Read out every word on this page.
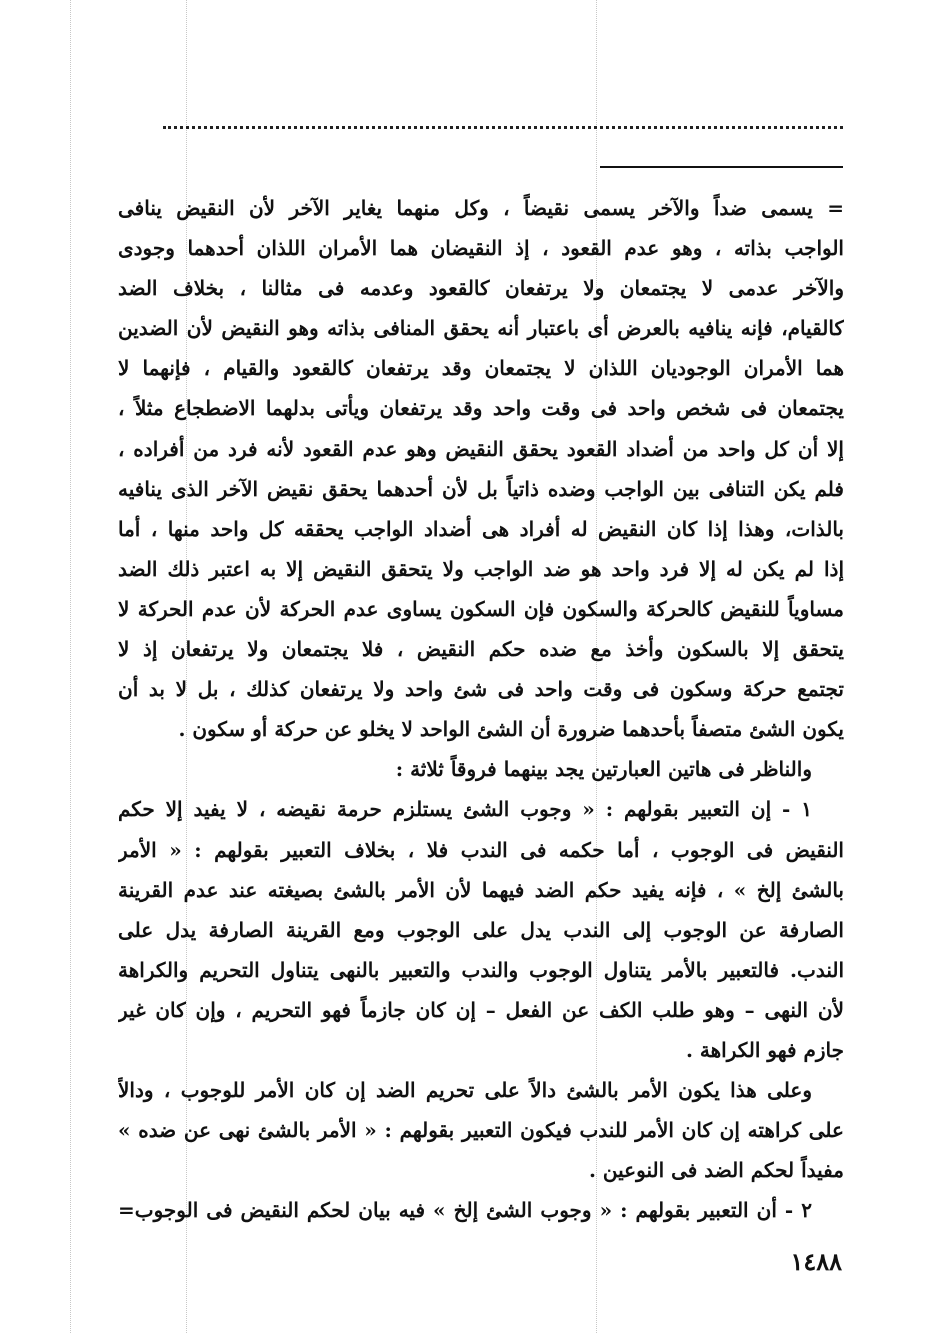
= يسمى ضداً والآخر يسمى نقيضاً ، وكل منهما يغاير الآخر لأن النقيض ينافى
الواجب بذاته ، وهو عدم القعود ، إذ النقيضان هما الأمران اللذان أحدهما وجودى
والآخر عدمى لا يجتمعان ولا يرتفعان كالقعود وعدمه فى مثالنا ، بخلاف الضد
كالقيام، فإنه ينافيه بالعرض أى باعتبار أنه يحقق المنافى بذاته وهو النقيض لأن الضدين
هما الأمران الوجوديان اللذان لا يجتمعان وقد يرتفعان كالقعود والقيام ، فإنهما لا
يجتمعان فى شخص واحد فى وقت واحد وقد يرتفعان ويأتى بدلهما الاضطجاع مثلاً ،
إلا أن كل واحد من أضداد القعود يحقق النقيض وهو عدم القعود لأنه فرد من أفراده ،
فلم يكن التنافى بين الواجب وضده ذاتياً بل لأن أحدهما يحقق نقيض الآخر الذى ينافيه
بالذات، وهذا إذا كان النقيض له أفراد هى أضداد الواجب يحققه كل واحد منها ، أما
إذا لم يكن له إلا فرد واحد هو ضد الواجب ولا يتحقق النقيض إلا به اعتبر ذلك الضد
مساوياً للنقيض كالحركة والسكون فإن السكون يساوى عدم الحركة لأن عدم الحركة لا
يتحقق إلا بالسكون وأخذ مع ضده حكم النقيض ، فلا يجتمعان ولا يرتفعان إذ لا
تجتمع حركة وسكون فى وقت واحد فى شئ واحد ولا يرتفعان كذلك ، بل لا بد أن
يكون الشئ متصفاً بأحدهما ضرورة أن الشئ الواحد لا يخلو عن حركة أو سكون .
والناظر فى هاتين العبارتين يجد بينهما فروقاً ثلاثة :
١ - إن التعبير بقولهم : « وجوب الشئ يستلزم حرمة نقيضه ، لا يفيد إلا حكم
النقيض فى الوجوب ، أما حكمه فى الندب فلا ، بخلاف التعبير بقولهم : « الأمر
بالشئ إلخ » ، فإنه يفيد حكم الضد فيهما لأن الأمر بالشئ بصيغته عند عدم القرينة
الصارفة عن الوجوب إلى الندب يدل على الوجوب ومع القرينة الصارفة يدل على
الندب. فالتعبير بالأمر يتناول الوجوب والندب والتعبير بالنهى يتناول التحريم والكراهة
لأن النهى – وهو طلب الكف عن الفعل – إن كان جازماً فهو التحريم ، وإن كان غير
جازم فهو الكراهة .
وعلى هذا يكون الأمر بالشئ دالاً على تحريم الضد إن كان الأمر للوجوب ، ودالاً
على كراهته إن كان الأمر للندب فيكون التعبير بقولهم : « الأمر بالشئ نهى عن ضده »
مفيداً لحكم الضد فى النوعين .
٢ - أن التعبير بقولهم : « وجوب الشئ إلخ » فيه بيان لحكم النقيض فى الوجوب=
١٤٨٨
